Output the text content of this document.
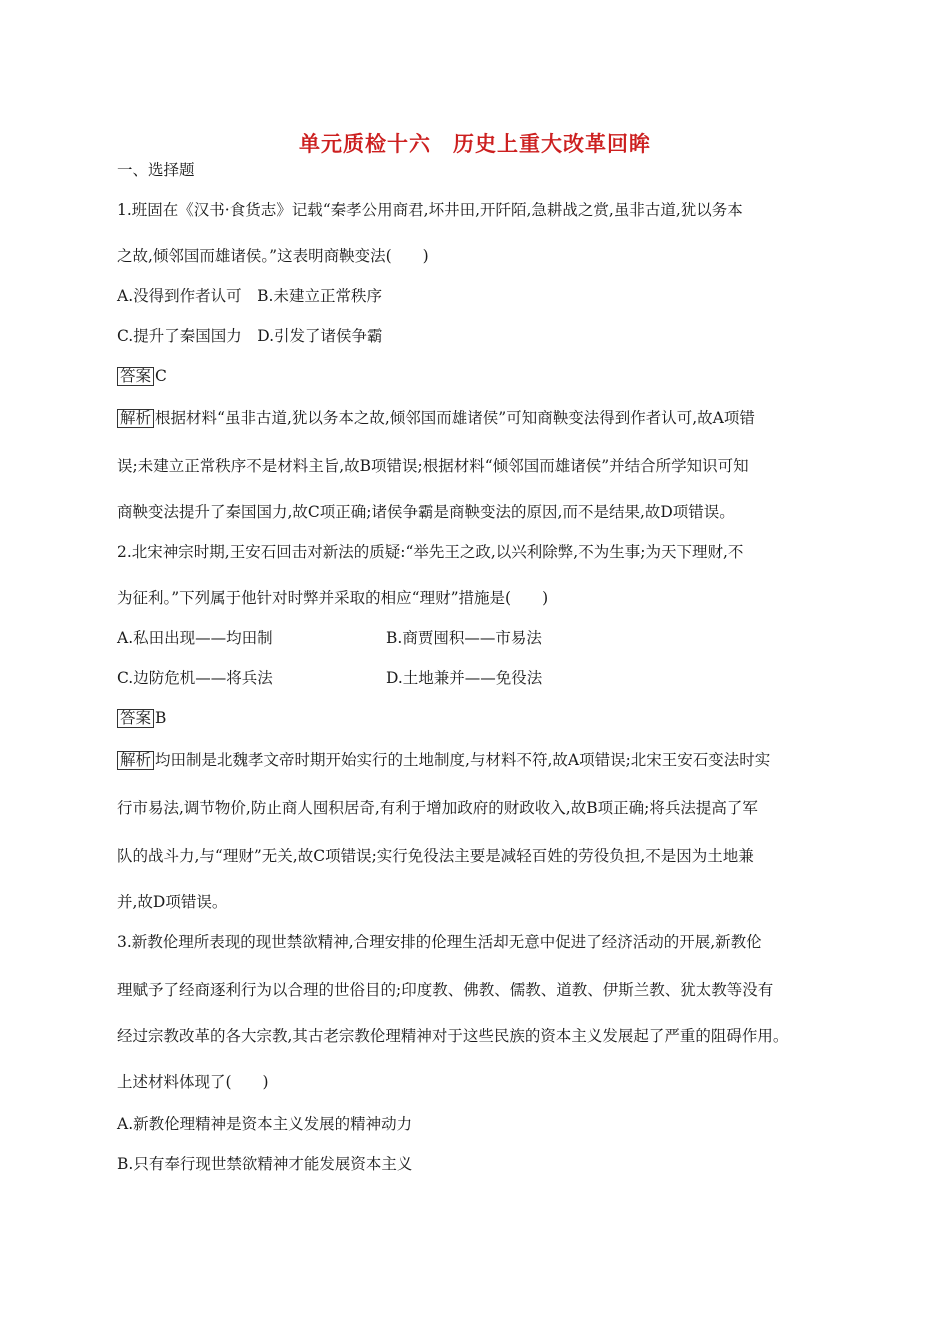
单元质检十六　历史上重大改革回眸
一、选择题
1.班固在《汉书·食货志》记载“秦孝公用商君,坏井田,开阡陌,急耕战之赏,虽非古道,犹以务本
之故,倾邻国而雄诸侯。”这表明商鞅变法(　　)
A.没得到作者认可　B.未建立正常秩序
C.提升了秦国国力　D.引发了诸侯争霸
答案 C
解析 根据材料“虽非古道,犹以务本之故,倾邻国而雄诸侯”可知商鞅变法得到作者认可,故A项错
误;未建立正常秩序不是材料主旨,故B项错误;根据材料“倾邻国而雄诸侯”并结合所学知识可知
商鞅变法提升了秦国国力,故C项正确;诸侯争霸是商鞅变法的原因,而不是结果,故D项错误。
2.北宋神宗时期,王安石回击对新法的质疑:“举先王之政,以兴利除弊,不为生事;为天下理财,不
为征利。”下列属于他针对时弊并采取的相应“理财”措施是(　　)
A.私田出现——均田制	B.商贾囤积——市易法
C.边防危机——将兵法	D.土地兼并——免役法
答案 B
解析 均田制是北魏孝文帝时期开始实行的土地制度,与材料不符,故A项错误;北宋王安石变法时实
行市易法,调节物价,防止商人囤积居奇,有利于增加政府的财政收入,故B项正确;将兵法提高了军
队的战斗力,与“理财”无关,故C项错误;实行免役法主要是减轻百姓的劳役负担,不是因为土地兼
并,故D项错误。
3.新教伦理所表现的现世禁欲精神,合理安排的伦理生活却无意中促进了经济活动的开展,新教伦
理赋予了经商逐利行为以合理的世俗目的;印度教、佛教、儒教、道教、伊斯兰教、犹太教等没有
经过宗教改革的各大宗教,其古老宗教伦理精神对于这些民族的资本主义发展起了严重的阻碍作用。
上述材料体现了(　　)
A.新教伦理精神是资本主义发展的精神动力
B.只有奉行现世禁欲精神才能发展资本主义
